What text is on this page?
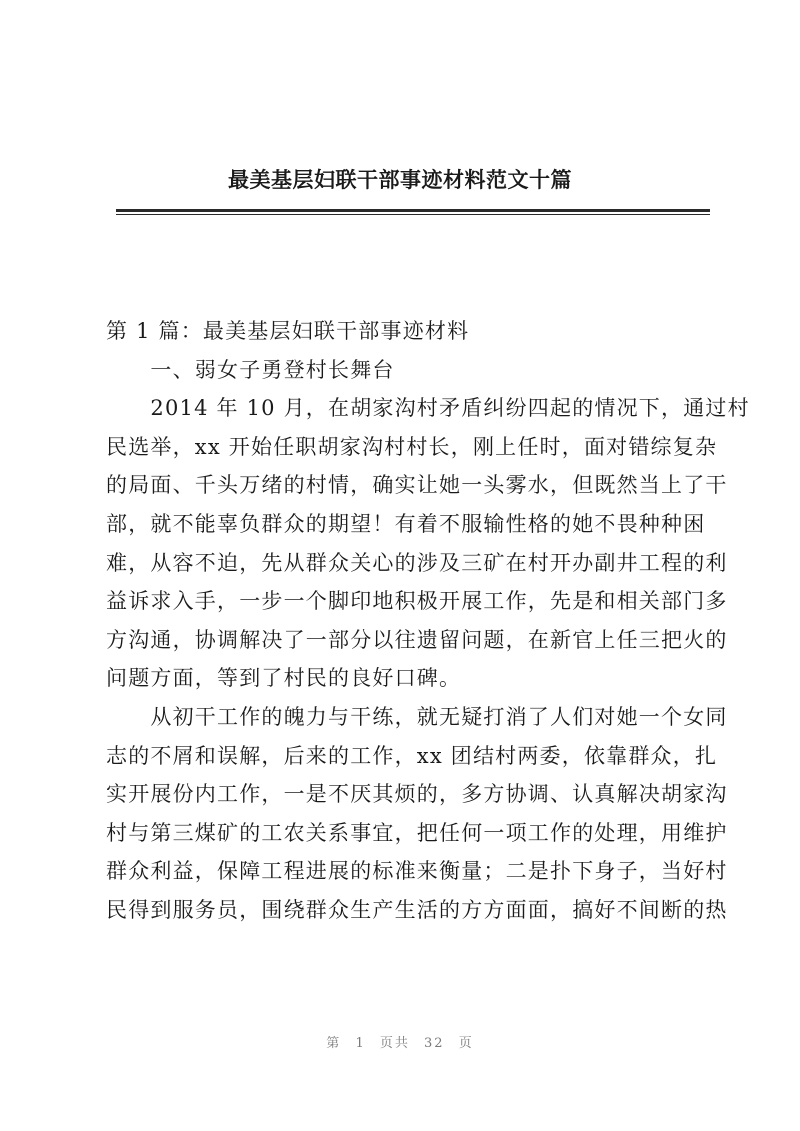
最美基层妇联干部事迹材料范文十篇
第 1 篇：最美基层妇联干部事迹材料
　　一、弱女子勇登村长舞台
　　2014 年 10 月，在胡家沟村矛盾纠纷四起的情况下，通过村
民选举，xx 开始任职胡家沟村村长，刚上任时，面对错综复杂
的局面、千头万绪的村情，确实让她一头雾水，但既然当上了干
部，就不能辜负群众的期望！有着不服输性格的她不畏种种困
难，从容不迫，先从群众关心的涉及三矿在村开办副井工程的利
益诉求入手，一步一个脚印地积极开展工作，先是和相关部门多
方沟通，协调解决了一部分以往遗留问题，在新官上任三把火的
问题方面，等到了村民的良好口碑。
　　从初干工作的魄力与干练，就无疑打消了人们对她一个女同
志的不屑和误解，后来的工作，xx 团结村两委，依靠群众，扎
实开展份内工作，一是不厌其烦的，多方协调、认真解决胡家沟
村与第三煤矿的工农关系事宜，把任何一项工作的处理，用维护
群众利益，保障工程进展的标准来衡量；二是扑下身子，当好村
民得到服务员，围绕群众生产生活的方方面面，搞好不间断的热
第 1 页共 32 页
